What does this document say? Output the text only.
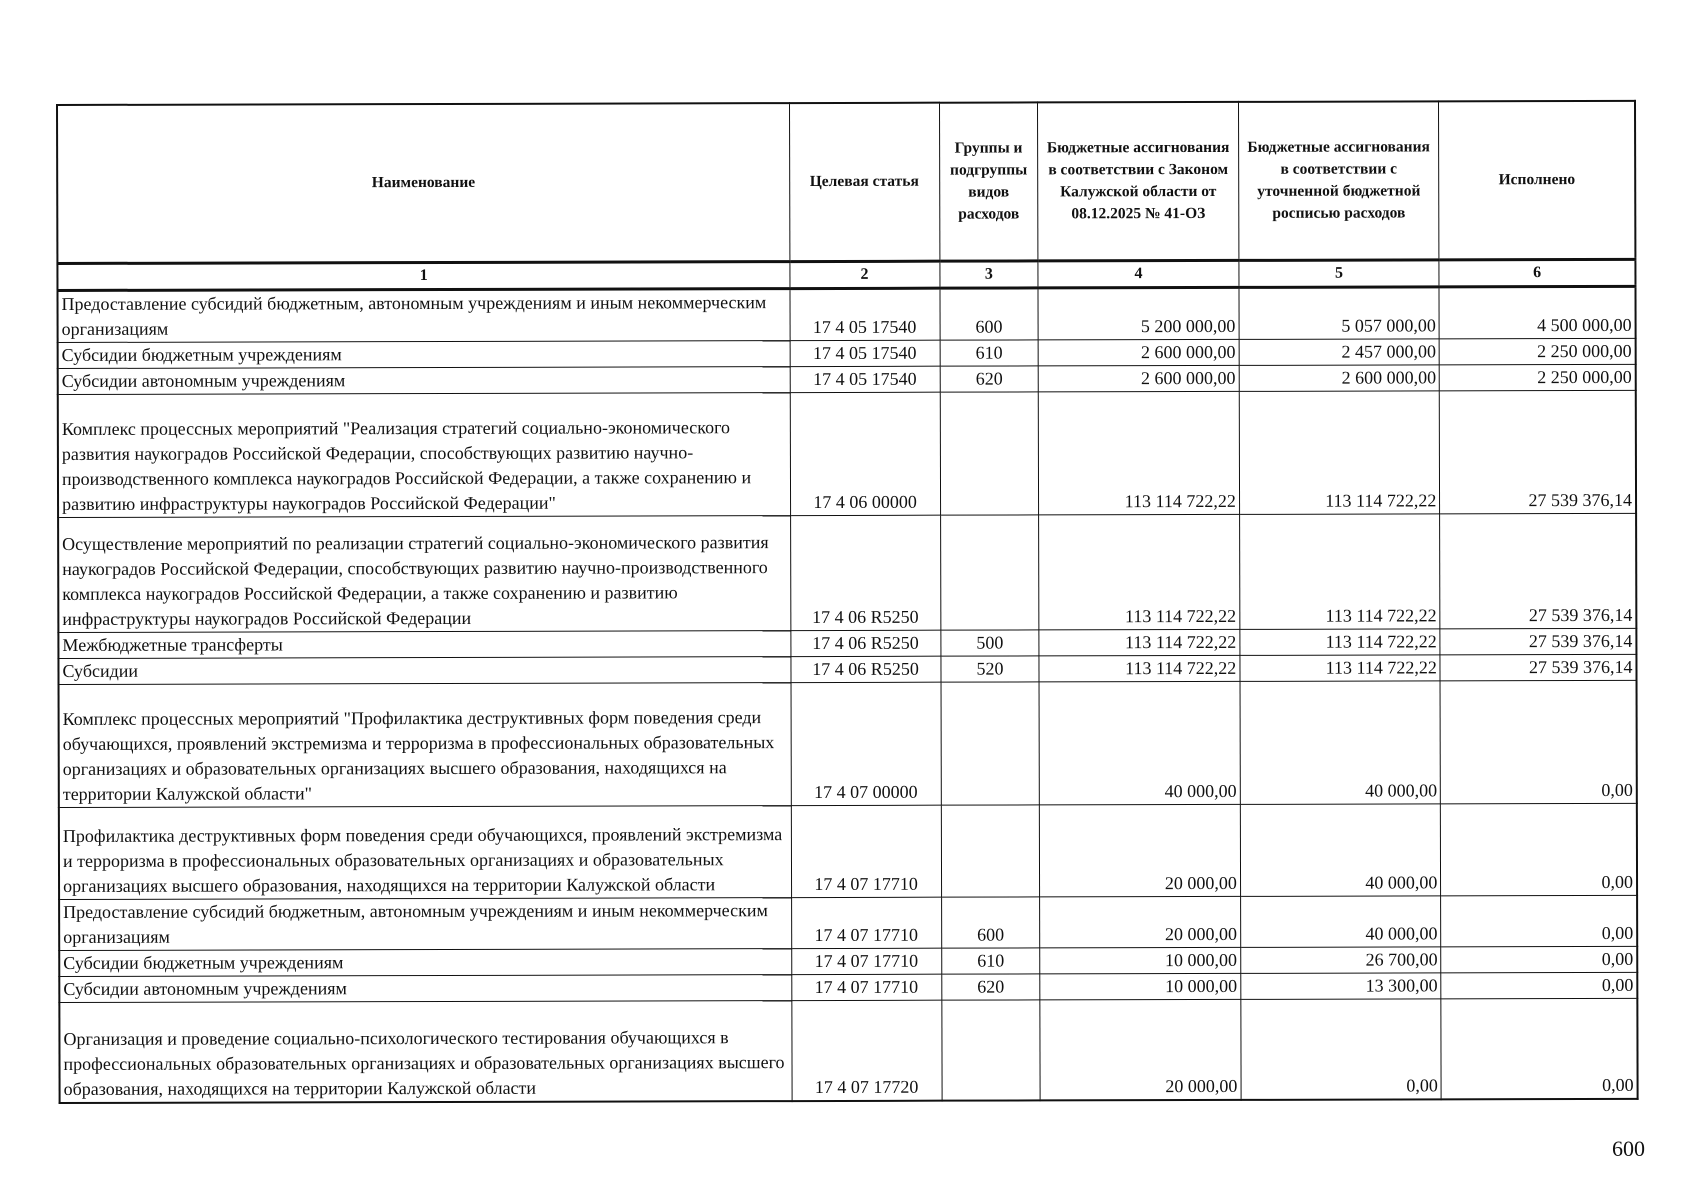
Наименование	Целевая статья	Группы и подгруппы видов расходов	Бюджетные ассигнования в соответствии с Законом Калужской области от 08.12.2025 № 41-ОЗ	Бюджетные ассигнования в соответствии с уточненной бюджетной росписью расходов	Исполнено
1	2	3	4	5	6
Предоставление субсидий бюджетным, автономным учреждениям и иным некоммерческим организациям	17 4 05 17540	600	5 200 000,00	5 057 000,00	4 500 000,00
Субсидии бюджетным учреждениям	17 4 05 17540	610	2 600 000,00	2 457 000,00	2 250 000,00
Субсидии автономным учреждениям	17 4 05 17540	620	2 600 000,00	2 600 000,00	2 250 000,00
Комплекс процессных мероприятий "Реализация стратегий социально-экономического развития наукоградов Российской Федерации, способствующих развитию научно-производственного комплекса наукоградов Российской Федерации, а также сохранению и развитию инфраструктуры наукоградов Российской Федерации"	17 4 06 00000		113 114 722,22	113 114 722,22	27 539 376,14
Осуществление мероприятий по реализации стратегий социально-экономического развития наукоградов Российской Федерации, способствующих развитию научно-производственного комплекса наукоградов Российской Федерации, а также сохранению и развитию инфраструктуры наукоградов Российской Федерации	17 4 06 R5250		113 114 722,22	113 114 722,22	27 539 376,14
Межбюджетные трансферты	17 4 06 R5250	500	113 114 722,22	113 114 722,22	27 539 376,14
Субсидии	17 4 06 R5250	520	113 114 722,22	113 114 722,22	27 539 376,14
Комплекс процессных мероприятий "Профилактика деструктивных форм поведения среди обучающихся, проявлений экстремизма и терроризма в профессиональных образовательных организациях и образовательных организациях высшего образования, находящихся на территории Калужской области"	17 4 07 00000		40 000,00	40 000,00	0,00
Профилактика деструктивных форм поведения среди обучающихся, проявлений экстремизма и терроризма в профессиональных образовательных организациях и образовательных организациях высшего образования, находящихся на территории Калужской области	17 4 07 17710		20 000,00	40 000,00	0,00
Предоставление субсидий бюджетным, автономным учреждениям и иным некоммерческим организациям	17 4 07 17710	600	20 000,00	40 000,00	0,00
Субсидии бюджетным учреждениям	17 4 07 17710	610	10 000,00	26 700,00	0,00
Субсидии автономным учреждениям	17 4 07 17710	620	10 000,00	13 300,00	0,00
Организация и проведение социально-психологического тестирования обучающихся в профессиональных образовательных организациях и образовательных организациях высшего образования, находящихся на территории Калужской области	17 4 07 17720		20 000,00	0,00	0,00
600
